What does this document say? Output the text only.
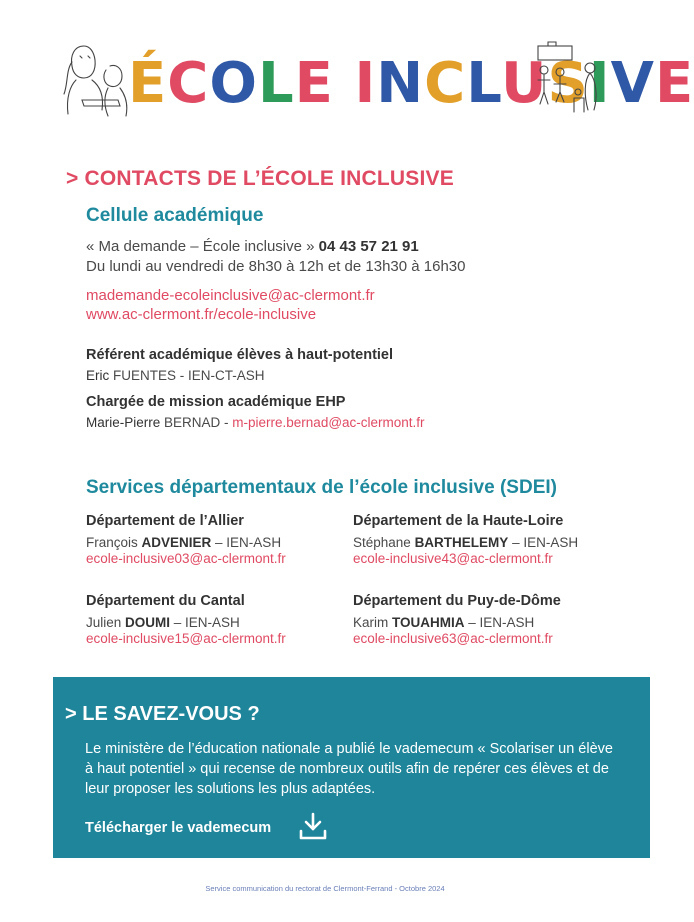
ÉCOLE INCLUSIVE
> CONTACTS DE L’ÉCOLE INCLUSIVE
Cellule académique
« Ma demande – École inclusive » 04 43 57 21 91
Du lundi au vendredi de 8h30 à 12h et de 13h30 à 16h30
mademande-ecoleinclusive@ac-clermont.fr
www.ac-clermont.fr/ecole-inclusive
Référent académique élèves à haut-potentiel
Eric FUENTES - IEN-CT-ASH
Chargée de mission académique EHP
Marie-Pierre BERNAD - m-pierre.bernad@ac-clermont.fr
Services départementaux de l’école inclusive (SDEI)
Département de l’Allier
François ADVENIER – IEN-ASH
ecole-inclusive03@ac-clermont.fr
Département de la Haute-Loire
Stéphane BARTHELEMY – IEN-ASH
ecole-inclusive43@ac-clermont.fr
Département du Cantal
Julien DOUMI – IEN-ASH
ecole-inclusive15@ac-clermont.fr
Département du Puy-de-Dôme
Karim TOUAHMIA – IEN-ASH
ecole-inclusive63@ac-clermont.fr
> LE SAVEZ-VOUS ?
Le ministère de l’éducation nationale a publié le vademecum « Scolariser un élève à haut potentiel » qui recense de nombreux outils afin de repérer ces élèves et de leur proposer les solutions les plus adaptées.
Télécharger le vademecum
Service communication du rectorat de Clermont-Ferrand - Octobre 2024
